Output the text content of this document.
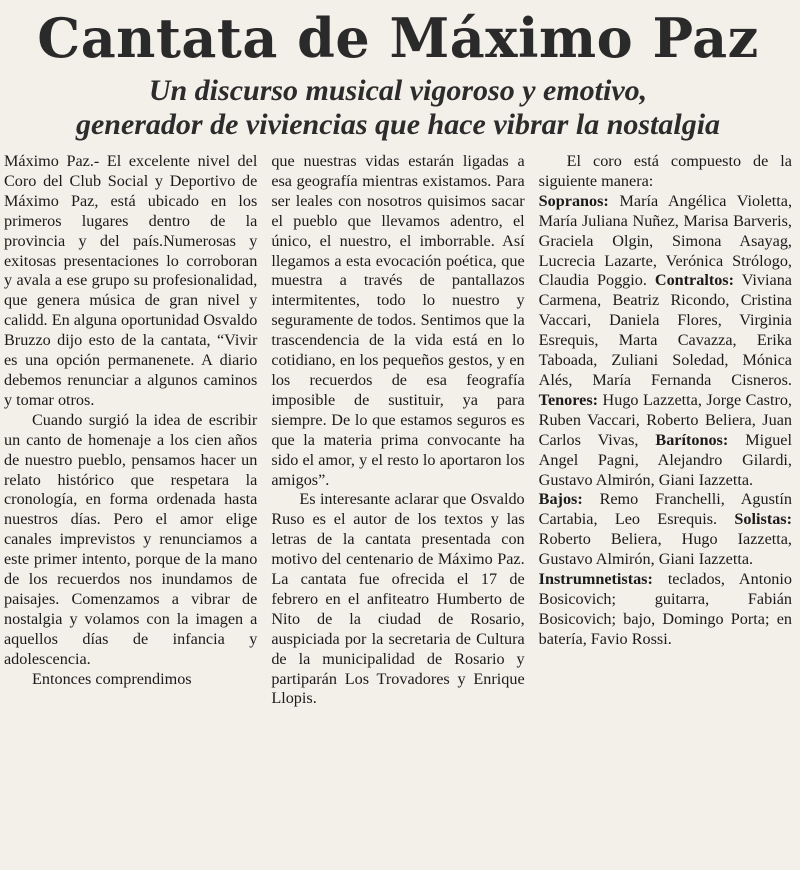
Cantata de Máximo Paz
Un discurso musical vigoroso y emotivo,
generador de viviencias que hace vibrar la nostalgia

Máximo Paz.- El excelente nivel del Coro del Club Social y Deportivo de Máximo Paz, está ubicado en los primeros lugares dentro de la provincia y del país.Numerosas y exitosas presentaciones lo corroboran y avala a ese grupo su profesionalidad, que genera música de gran nivel y calidd. En alguna oportunidad Osvaldo Bruzzo dijo esto de la cantata, “Vivir es una opción permanenete. A diario debemos renunciar a algunos caminos y tomar otros.

Cuando surgió la idea de escribir un canto de homenaje a los cien años de nuestro pueblo, pensamos hacer un relato histórico que respetara la cronología, en forma ordenada hasta nuestros días. Pero el amor elige canales imprevistos y renunciamos a este primer intento, porque de la mano de los recuerdos nos inundamos de paisajes. Comenzamos a vibrar de nostalgia y volamos con la imagen a aquellos días de infancia y adolescencia.

Entonces comprendimos

que nuestras vidas estarán ligadas a esa geografía mientras existamos. Para ser leales con nosotros quisimos sacar el pueblo que llevamos adentro, el único, el nuestro, el imborrable. Así llegamos a esta evocación poética, que muestra a través de pantallazos intermitentes, todo lo nuestro y seguramente de todos. Sentimos que la trascendencia de la vida está en lo cotidiano, en los pequeños gestos, y en los recuerdos de esa feografía imposible de sustituir, ya para siempre. De lo que estamos seguros es que la materia prima convocante ha sido el amor, y el resto lo aportaron los amigos”.

Es interesante aclarar que Osvaldo Ruso es el autor de los textos y las letras de la cantata presentada con motivo del centenario de Máximo Paz. La cantata fue ofrecida el 17 de febrero en el anfiteatro Humberto de Nito de la ciudad de Rosario, auspiciada por la secretaria de Cultura de la municipalidad de Rosario y partiparán Los Trovadores y Enrique Llopis.

El coro está compuesto de la siguiente manera:

Sopranos: María Angélica Violetta, María Juliana Nuñez, Marisa Barveris, Graciela Olgin, Simona Asayag, Lucrecia Lazarte, Verónica Strólogo, Claudia Poggio. Contraltos: Viviana Carmena, Beatriz Ricondo, Cristina Vaccari, Daniela Flores, Virginia Esrequis, Marta Cavazza, Erika Taboada, Zuliani Soledad, Mónica Alés, María Fernanda Cisneros. Tenores: Hugo Lazzetta, Jorge Castro, Ruben Vaccari, Roberto Beliera, Juan Carlos Vivas, Barítonos: Miguel Angel Pagni, Alejandro Gilardi, Gustavo Almirón, Giani Iazzetta.

Bajos: Remo Franchelli, Agustín Cartabia, Leo Esrequis. Solistas: Roberto Beliera, Hugo Iazzetta, Gustavo Almirón, Giani Iazzetta.

Instrumnetistas: teclados, Antonio Bosicovich; guitarra, Fabián Bosicovich; bajo, Domingo Porta; en batería, Favio Rossi.
